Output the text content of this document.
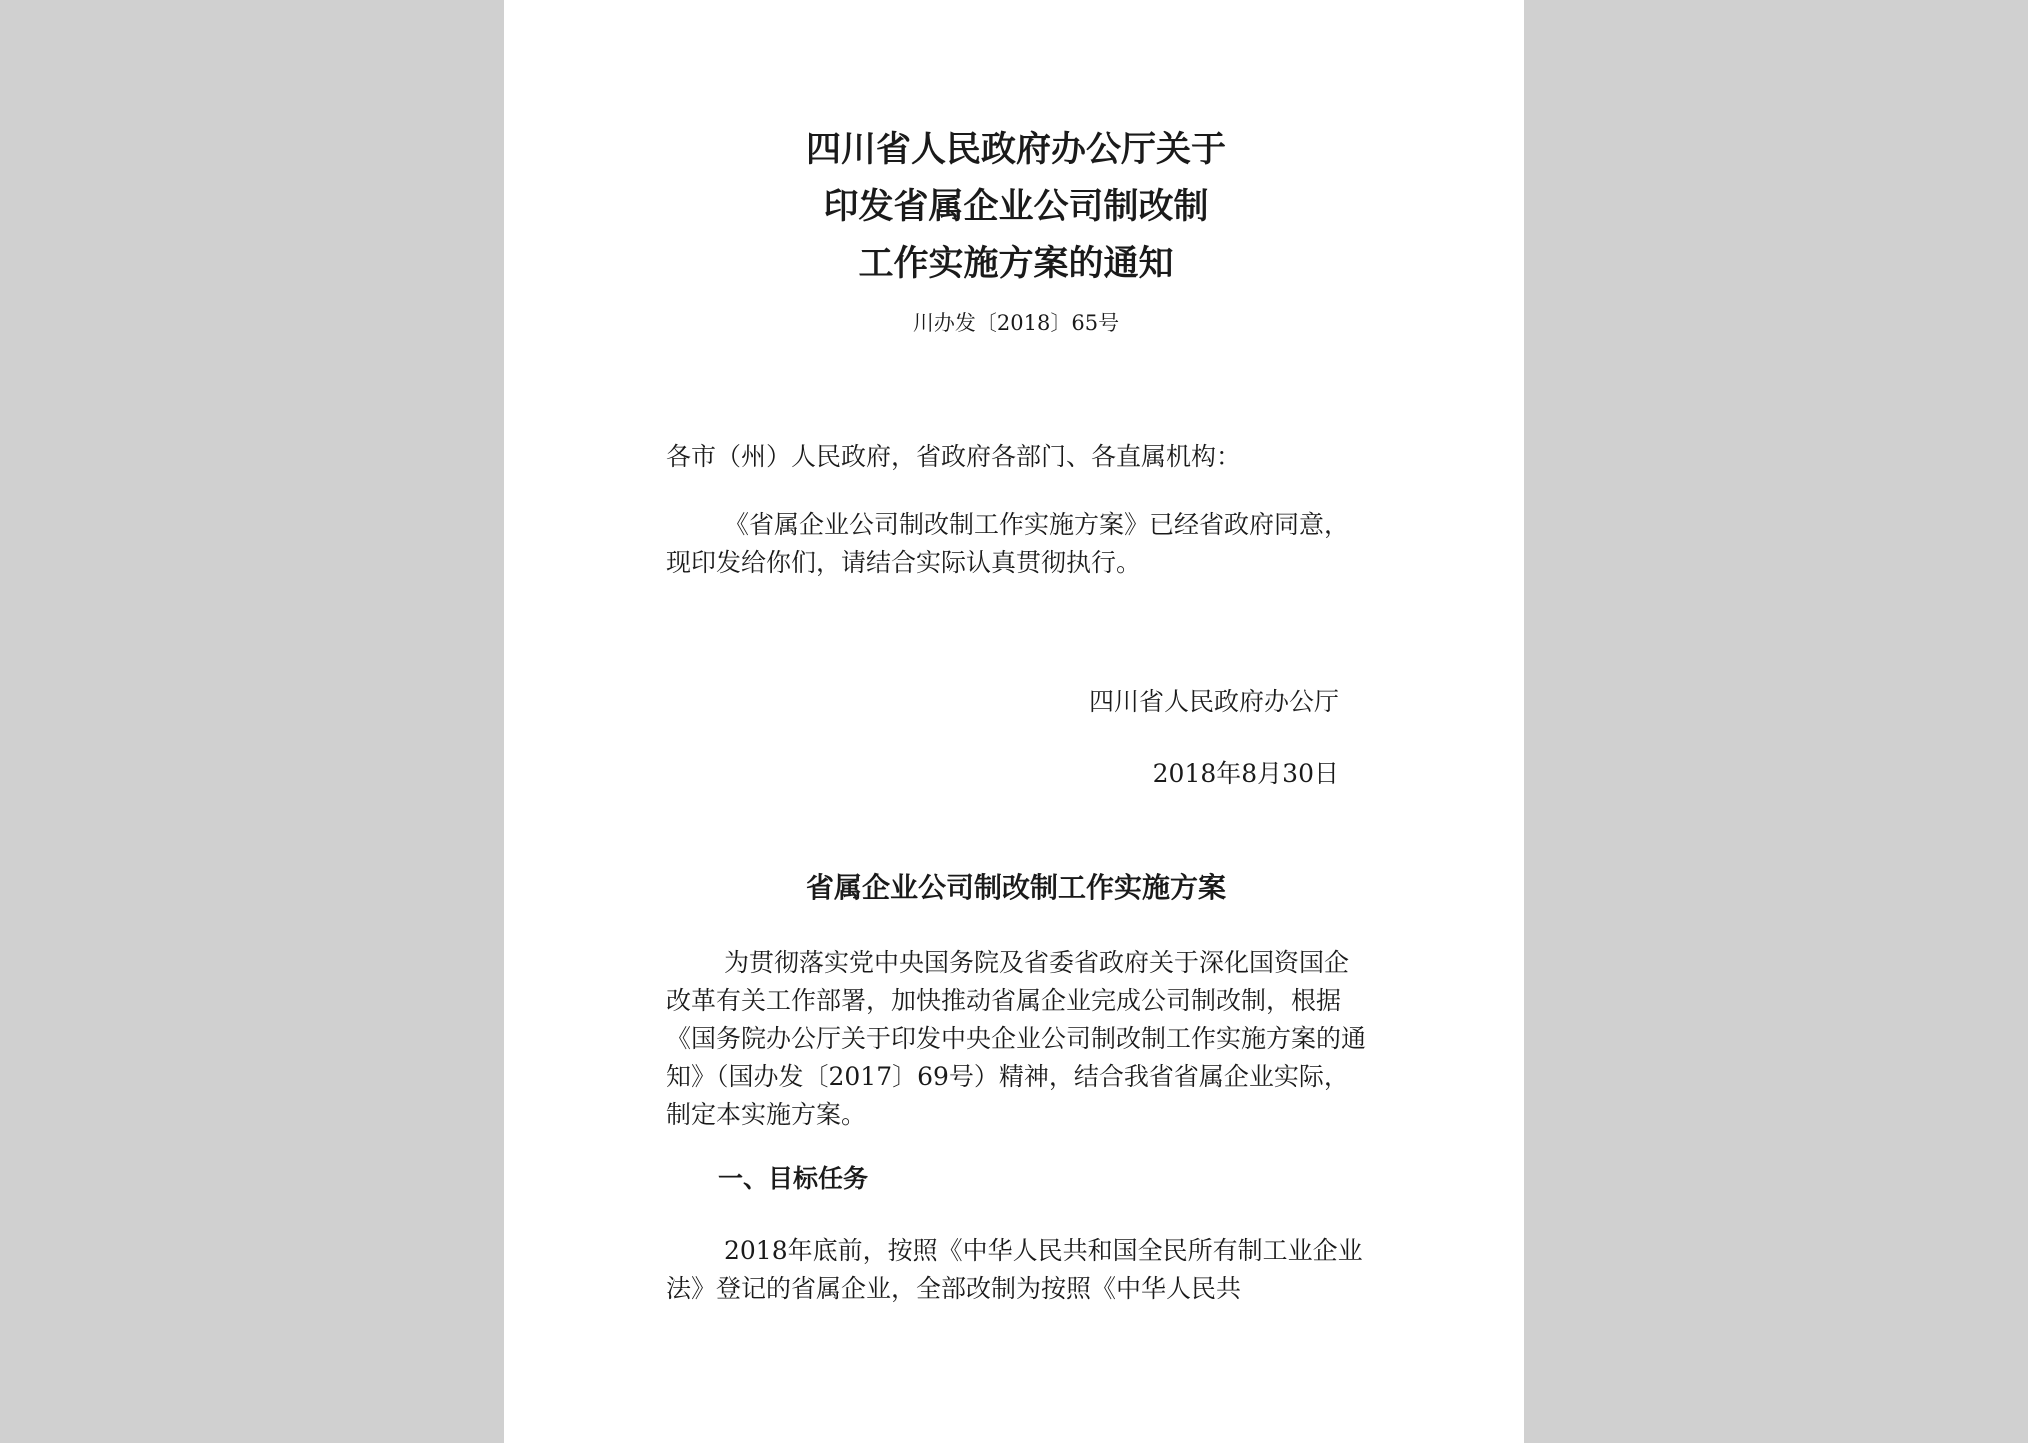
四川省人民政府办公厅关于
印发省属企业公司制改制
工作实施方案的通知
川办发〔2018〕65号

各市（州）人民政府，省政府各部门、各直属机构：

《省属企业公司制改制工作实施方案》已经省政府同意，现印发给你们，请结合实际认真贯彻执行。

四川省人民政府办公厅
2018年8月30日
省属企业公司制改制工作实施方案

为贯彻落实党中央国务院及省委省政府关于深化国资国企改革有关工作部署，加快推动省属企业完成公司制改制，根据《国务院办公厅关于印发中央企业公司制改制工作实施方案的通知》（国办发〔2017〕69号）精神，结合我省省属企业实际，制定本实施方案。

一、目标任务

2018年底前，按照《中华人民共和国全民所有制工业企业法》登记的省属企业，全部改制为按照《中华人民共
